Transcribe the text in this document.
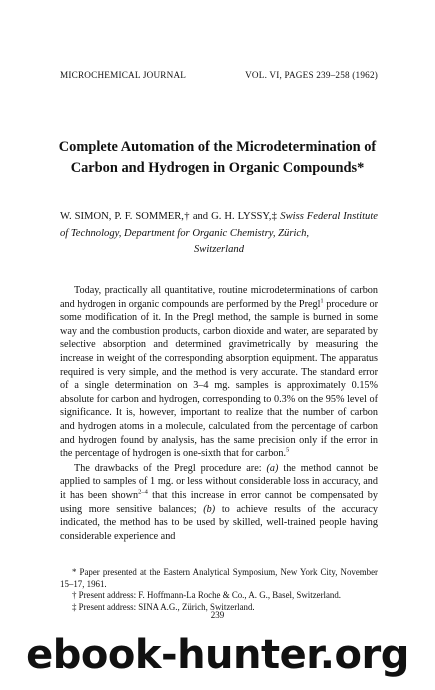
MICROCHEMICAL JOURNAL	VOL. VI, PAGES 239–258 (1962)
Complete Automation of the Microdetermination of Carbon and Hydrogen in Organic Compounds*
W. SIMON, P. F. SOMMER,† and G. H. LYSSY,‡ Swiss Federal Institute of Technology, Department for Organic Chemistry, Zürich,
Switzerland

Today, practically all quantitative, routine microdeterminations of carbon and hydrogen in organic compounds are performed by the Pregl$^1$ procedure or some modification of it. In the Pregl method, the sample is burned in some way and the combustion products, carbon dioxide and water, are separated by selective absorption and determined gravimetrically by measuring the increase in weight of the corresponding absorption equipment. The apparatus required is very simple, and the method is very accurate. The standard error of a single determination on 3–4 mg. samples is approximately 0.15% absolute for carbon and hydrogen, corresponding to 0.3% on the 95% level of significance. It is, however, important to realize that the number of carbon and hydrogen atoms in a molecule, calculated from the percentage of carbon and hydrogen found by analysis, has the same precision only if the error in the percentage of hydrogen is one-sixth that for carbon.$^5$

The drawbacks of the Pregl procedure are: (a) the method cannot be applied to samples of 1 mg. or less without considerable loss in accuracy, and it has been shown$^{2-4}$ that this increase in error cannot be compensated by using more sensitive balances; (b) to achieve results of the accuracy indicated, the method has to be used by skilled, well-trained people having considerable experience and

* Paper presented at the Eastern Analytical Symposium, New York City, November 15–17, 1961.

† Present address: F. Hoffmann-La Roche & Co., A. G., Basel, Switzerland.

‡ Present address: SINA A.G., Zürich, Switzerland.

239
ebook-hunter.org
